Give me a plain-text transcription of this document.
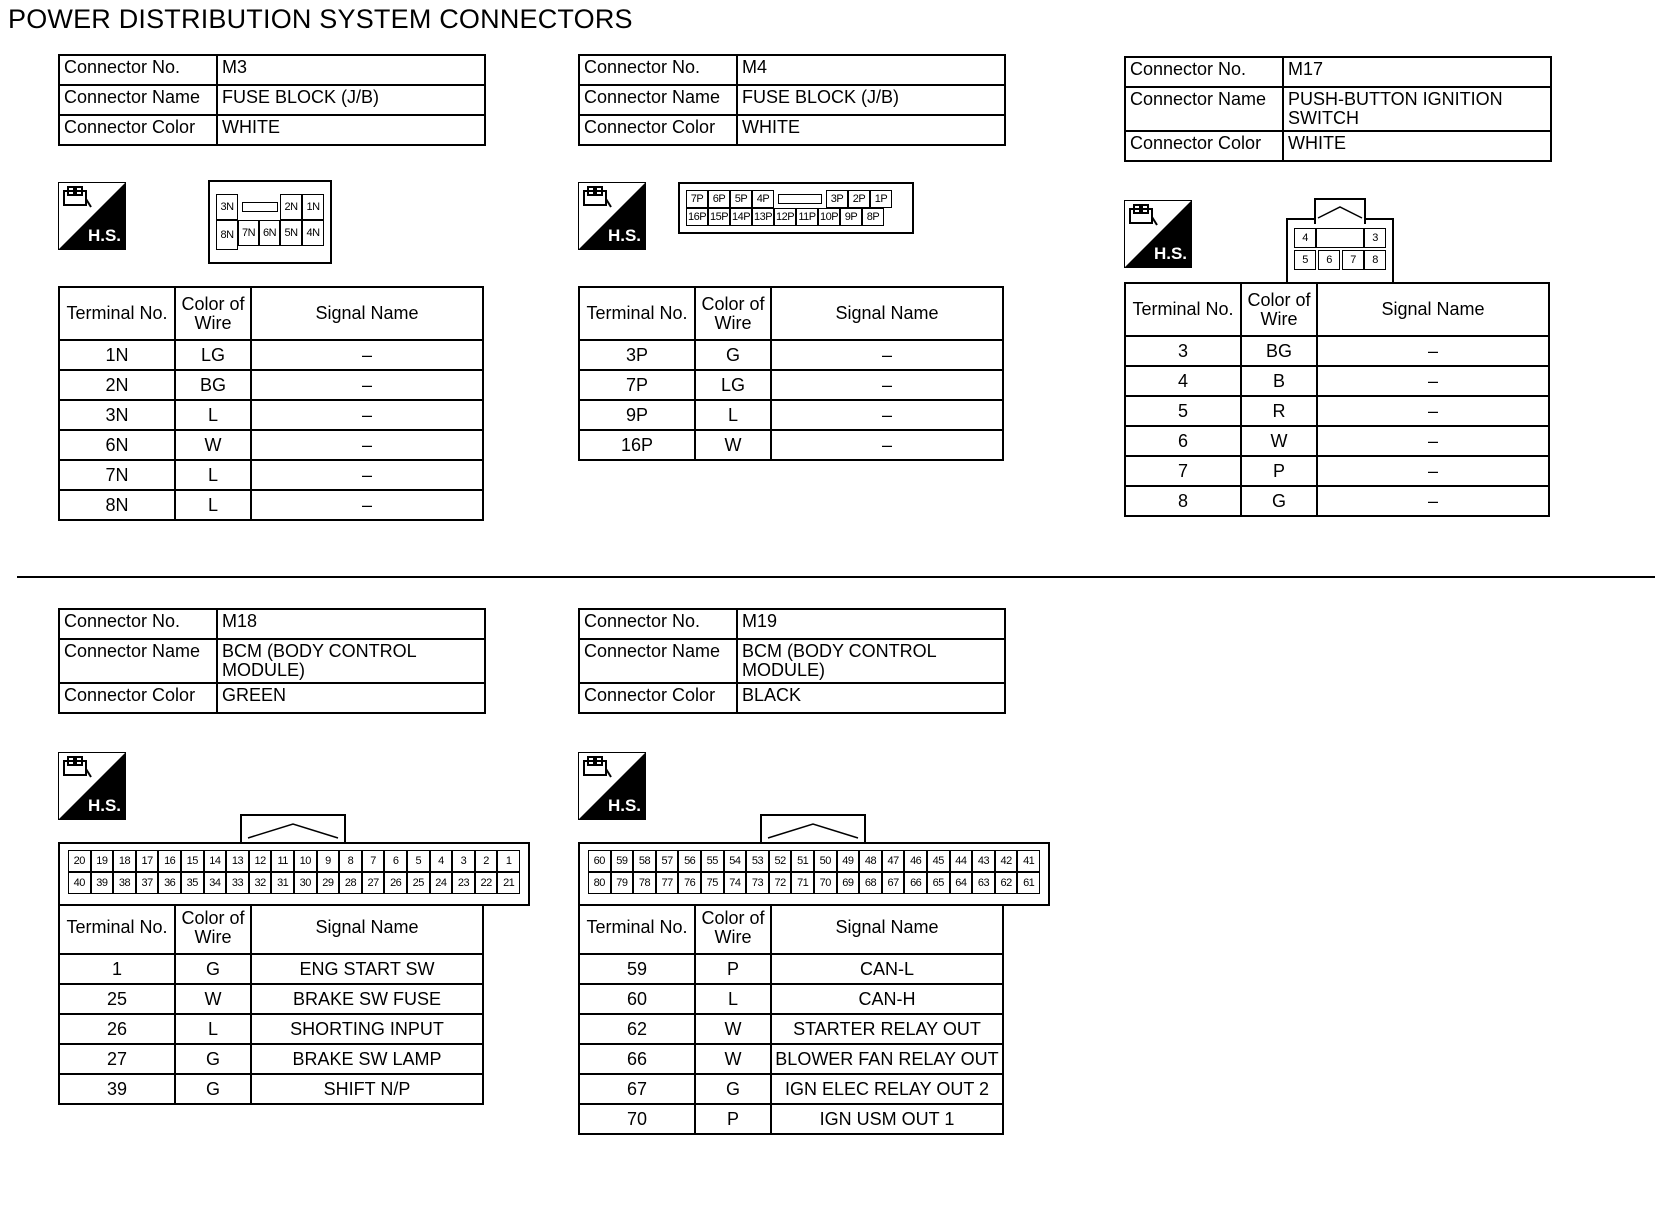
POWER DISTRIBUTION SYSTEM CONNECTORS
Connector No.	M3
Connector Name	FUSE BLOCK (J/B)
Connector Color	WHITE
H.S.
3N	2N 1N
8N 7N 6N 5N 4N
Terminal No.	Color of Wire	Signal Name
1N	LG	–
2N	BG	–
3N	L	–
6N	W	–
7N	L	–
8N	L	–
Connector No.	M4
Connector Name	FUSE BLOCK (J/B)
Connector Color	WHITE
H.S.
7P 6P 5P 4P	3P 2P 1P
16P 15P 14P 13P 12P 11P 10P 9P 8P
Terminal No.	Color of Wire	Signal Name
3P	G	–
7P	LG	–
9P	L	–
16P	W	–
Connector No.	M17
Connector Name	PUSH-BUTTON IGNITION SWITCH
Connector Color	WHITE
H.S.
4	3
5	6	7	8
Terminal No.	Color of Wire	Signal Name
3	BG	–
4	B	–
5	R	–
6	W	–
7	P	–
8	G	–
Connector No.	M18
Connector Name	BCM (BODY CONTROL MODULE)
Connector Color	GREEN
H.S.
20	19	18	17	16	15	14	13	12	11	10	9	8	7	6	5	4	3	2	1
40	39	38	37	36	35	34	33	32	31	30	29	28	27	26	25	24	23	22	21
Terminal No.	Color of Wire	Signal Name
1	G	ENG START SW
25	W	BRAKE SW FUSE
26	L	SHORTING INPUT
27	G	BRAKE SW LAMP
39	G	SHIFT N/P
Connector No.	M19
Connector Name	BCM (BODY CONTROL MODULE)
Connector Color	BLACK
H.S.
60	59	58	57	56	55	54	53	52	51	50	49	48	47	46	45	44	43	42	41
80	79	78	77	76	75	74	73	72	71	70	69	68	67	66	65	64	63	62	61
Terminal No.	Color of Wire	Signal Name
59	P	CAN-L
60	L	CAN-H
62	W	STARTER RELAY OUT
66	W	BLOWER FAN RELAY OUT
67	G	IGN ELEC RELAY OUT 2
70	P	IGN USM OUT 1
